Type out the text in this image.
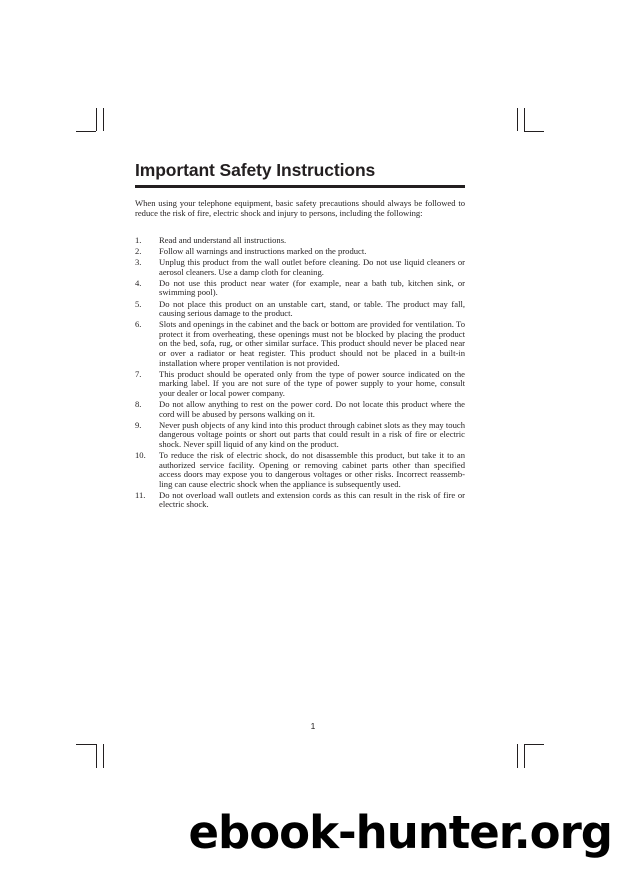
Important Safety Instructions

When using your telephone equipment, basic safety precautions should always be followed to reduce the risk of fire, electric shock and injury to persons, including the following:

1.	Read and understand all instructions.
2.	Follow all warnings and instructions marked on the product.
3.	Unplug this product from the wall outlet before cleaning. Do not use liquid cleaners or aerosol cleaners. Use a damp cloth for cleaning.
4.	Do not use this product near water (for example, near a bath tub, kitchen sink, or swimming pool).
5.	Do not place this product on an unstable cart, stand, or table. The product may fall, causing serious damage to the product.
6.	Slots and openings in the cabinet and the back or bottom are provided for ventilation. To protect it from overheating, these openings must not be blocked by placing the product on the bed, sofa, rug, or other similar surface. This product should never be placed near or over a radiator or heat register. This product should not be placed in a built-in installation where proper ventilation is not provided.
7.	This product should be operated only from the type of power source indicated on the marking label. If you are not sure of the type of power supply to your home, consult your dealer or local power company.
8.	Do not allow anything to rest on the power cord. Do not locate this product where the cord will be abused by persons walking on it.
9.	Never push objects of any kind into this product through cabinet slots as they may touch dangerous voltage points or short out parts that could result in a risk of fire or electric shock. Never spill liquid of any kind on the product.
10.	To reduce the risk of electric shock, do not disassemble this product, but take it to an authorized service facility. Opening or removing cabinet parts other than specified access doors may expose you to dangerous voltages or other risks. Incorrect reassemb-ling can cause electric shock when the appliance is subsequently used.
11.	Do not overload wall outlets and extension cords as this can result in the risk of fire or electric shock.
1
ebook-hunter.org
